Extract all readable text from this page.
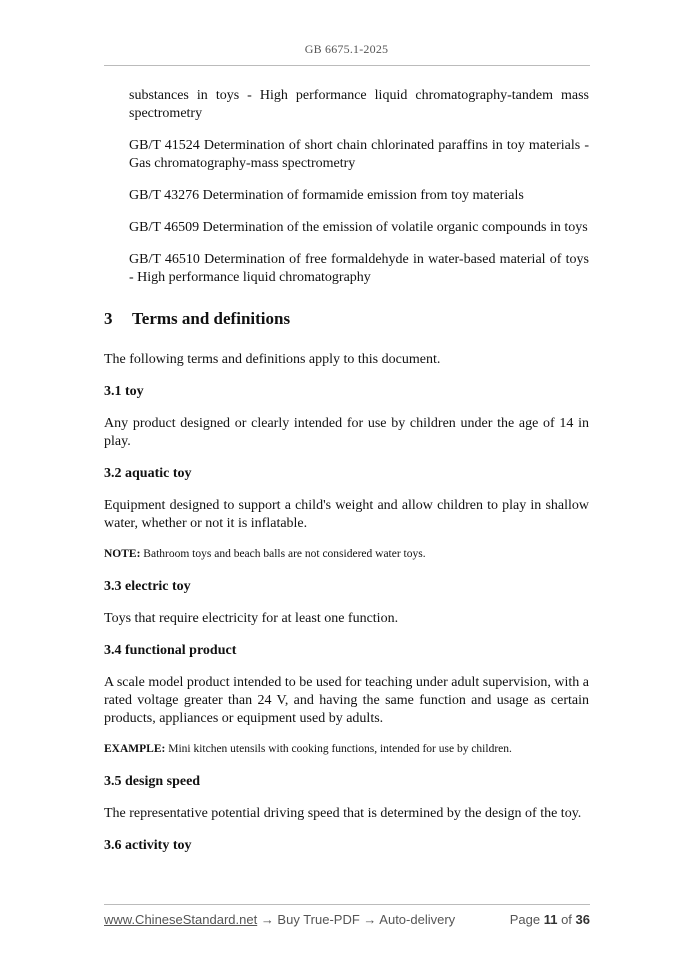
GB 6675.1-2025

substances in toys - High performance liquid chromatography-tandem mass spectrometry

GB/T 41524 Determination of short chain chlorinated paraffins in toy materials - Gas chromatography-mass spectrometry

GB/T 43276 Determination of formamide emission from toy materials

GB/T 46509 Determination of the emission of volatile organic compounds in toys

GB/T 46510 Determination of free formaldehyde in water-based material of toys - High performance liquid chromatography

3	Terms and definitions

The following terms and definitions apply to this document.

3.1 toy

Any product designed or clearly intended for use by children under the age of 14 in play.

3.2 aquatic toy

Equipment designed to support a child's weight and allow children to play in shallow water, whether or not it is inflatable.

NOTE: Bathroom toys and beach balls are not considered water toys.

3.3 electric toy

Toys that require electricity for at least one function.

3.4 functional product

A scale model product intended to be used for teaching under adult supervision, with a rated voltage greater than 24 V, and having the same function and usage as certain products, appliances or equipment used by adults.

EXAMPLE: Mini kitchen utensils with cooking functions, intended for use by children.

3.5 design speed

The representative potential driving speed that is determined by the design of the toy.

3.6 activity toy
www.ChineseStandard.net → Buy True-PDF → Auto-delivery	Page 11 of 36
